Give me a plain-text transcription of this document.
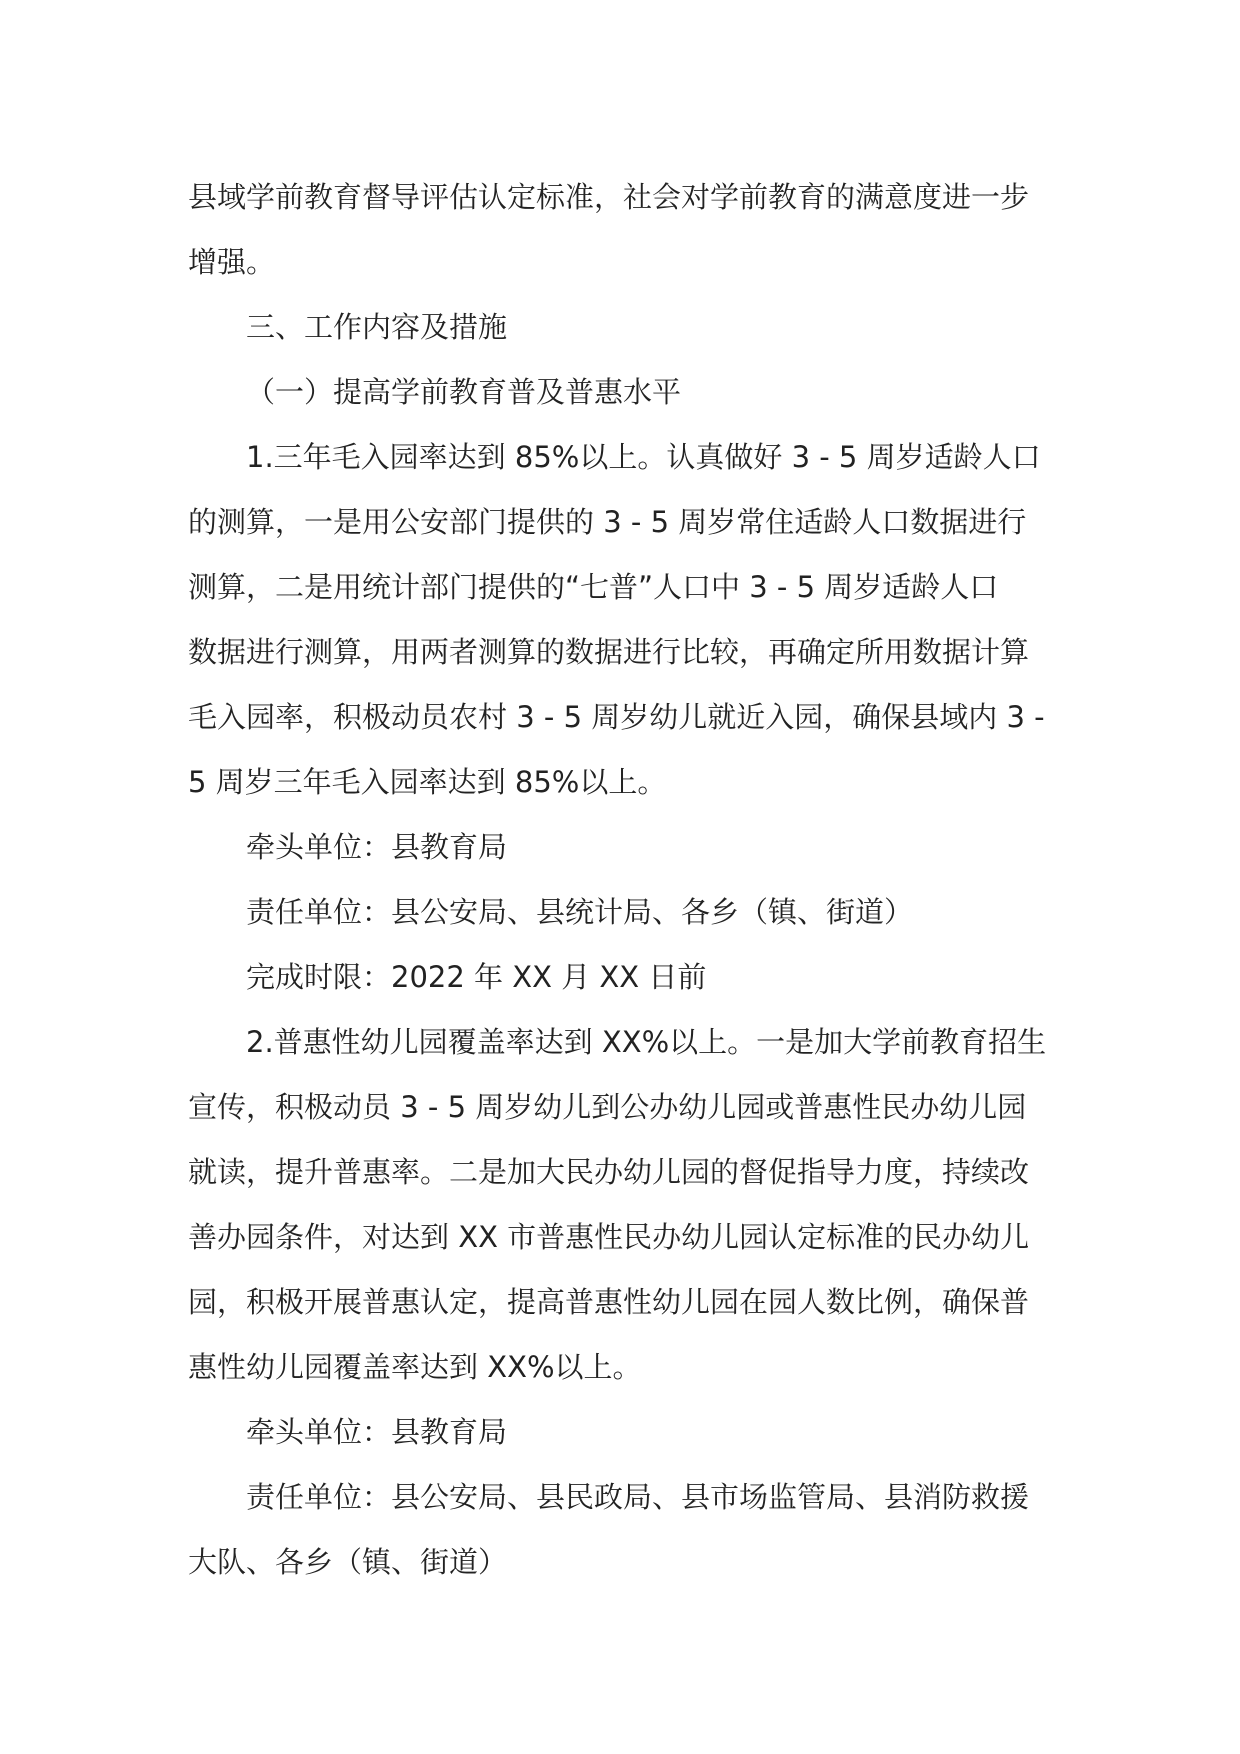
县域学前教育督导评估认定标准，社会对学前教育的满意度进一步
增强。
三、工作内容及措施
（一）提高学前教育普及普惠水平
1.三年毛入园率达到 85%以上。认真做好 3 - 5 周岁适龄人口
的测算，一是用公安部门提供的 3 - 5 周岁常住适龄人口数据进行
测算，二是用统计部门提供的“七普”人口中 3 - 5 周岁适龄人口
数据进行测算，用两者测算的数据进行比较，再确定所用数据计算
毛入园率，积极动员农村 3 - 5 周岁幼儿就近入园，确保县域内 3 -
5 周岁三年毛入园率达到 85%以上。
牵头单位：县教育局
责任单位：县公安局、县统计局、各乡（镇、街道）
完成时限：2022 年 XX 月 XX 日前
2.普惠性幼儿园覆盖率达到 XX%以上。一是加大学前教育招生
宣传，积极动员 3 - 5 周岁幼儿到公办幼儿园或普惠性民办幼儿园
就读，提升普惠率。二是加大民办幼儿园的督促指导力度，持续改
善办园条件，对达到 XX 市普惠性民办幼儿园认定标准的民办幼儿
园，积极开展普惠认定，提高普惠性幼儿园在园人数比例，确保普
惠性幼儿园覆盖率达到 XX%以上。
牵头单位：县教育局
责任单位：县公安局、县民政局、县市场监管局、县消防救援
大队、各乡（镇、街道）
